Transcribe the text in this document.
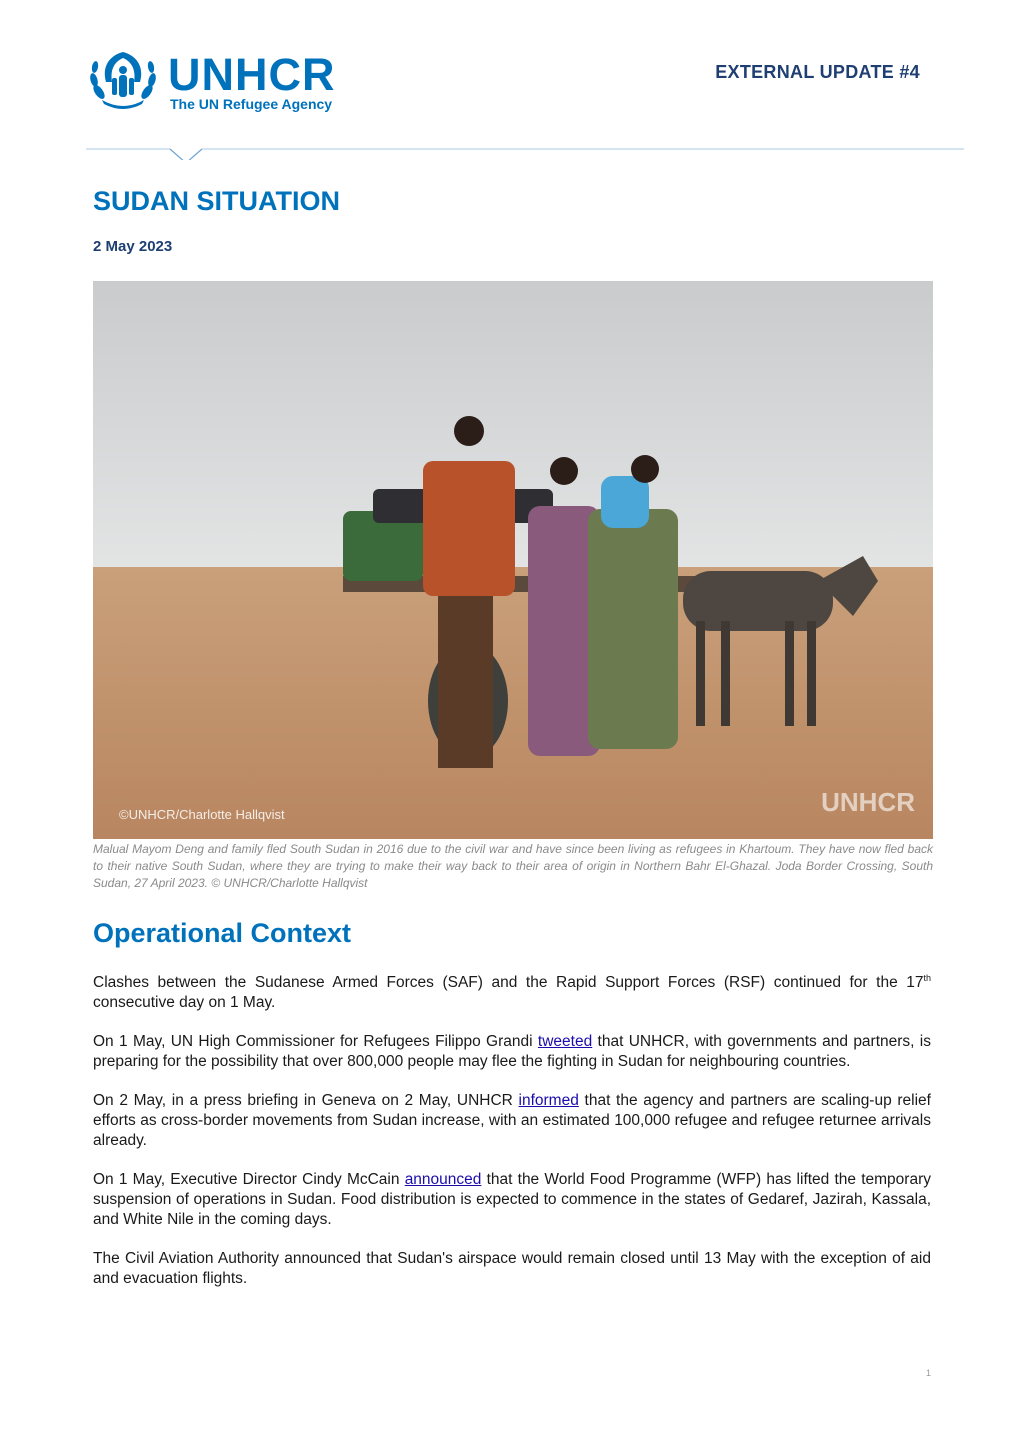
UNHCR
The UN Refugee Agency
EXTERNAL UPDATE #4
SUDAN SITUATION
2 May 2023
©UNHCR/Charlotte Hallqvist	UNHCR

Malual Mayom Deng and family fled South Sudan in 2016 due to the civil war and have since been living as refugees in Khartoum. They have now fled back to their native South Sudan, where they are trying to make their way back to their area of origin in Northern Bahr El-Ghazal. Joda Border Crossing, South Sudan, 27 April 2023. © UNHCR/Charlotte Hallqvist

Operational Context

Clashes between the Sudanese Armed Forces (SAF) and the Rapid Support Forces (RSF) continued for the 17th consecutive day on 1 May.

On 1 May, UN High Commissioner for Refugees Filippo Grandi tweeted that UNHCR, with governments and partners, is preparing for the possibility that over 800,000 people may flee the fighting in Sudan for neighbouring countries.

On 2 May, in a press briefing in Geneva on 2 May, UNHCR informed that the agency and partners are scaling-up relief efforts as cross-border movements from Sudan increase, with an estimated 100,000 refugee and refugee returnee arrivals already.

On 1 May, Executive Director Cindy McCain announced that the World Food Programme (WFP) has lifted the temporary suspension of operations in Sudan. Food distribution is expected to commence in the states of Gedaref, Jazirah, Kassala, and White Nile in the coming days.

The Civil Aviation Authority announced that Sudan's airspace would remain closed until 13 May with the exception of aid and evacuation flights.

1
